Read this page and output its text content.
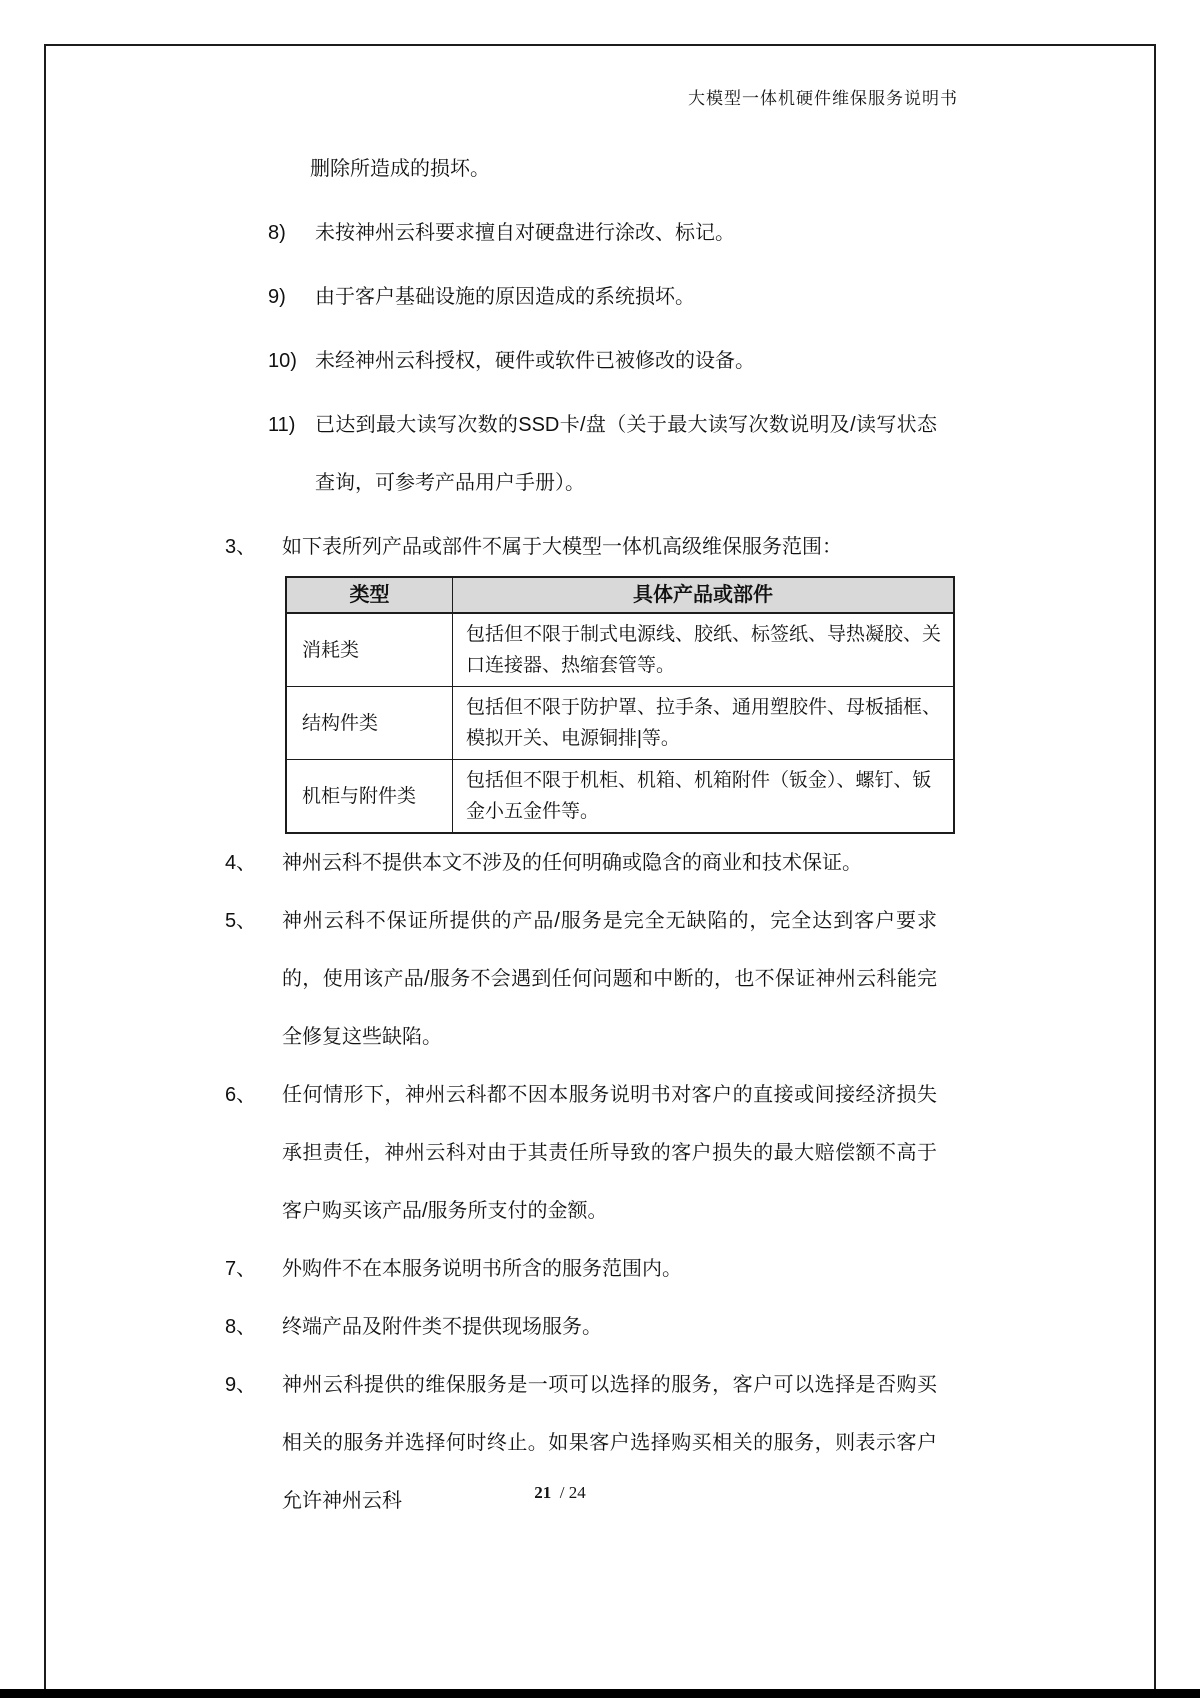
大模型一体机硬件维保服务说明书

删除所造成的损坏。

8)	未按神州云科要求擅自对硬盘进行涂改、标记。
9)	由于客户基础设施的原因造成的系统损坏。
10) 未经神州云科授权，硬件或软件已被修改的设备。
11) 已达到最大读写次数的SSD卡/盘（关于最大读写次数说明及/读写状态查询，可参考产品用户手册）。
3、	如下表所列产品或部件不属于大模型一体机高级维保服务范围：
类型	具体产品或部件
消耗类	包括但不限于制式电源线、胶纸、标签纸、导热凝胶、关口连接器、热缩套管等。
结构件类	包括但不限于防护罩、拉手条、通用塑胶件、母板插框、模拟开关、电源铜排|等。
机柜与附件类	包括但不限于机柜、机箱、机箱附件（钣金）、螺钉、钣金小五金件等。
4、	神州云科不提供本文不涉及的任何明确或隐含的商业和技术保证。
5、	神州云科不保证所提供的产品/服务是完全无缺陷的，完全达到客户要求的，使用该产品/服务不会遇到任何问题和中断的，也不保证神州云科能完全修复这些缺陷。
6、	任何情形下，神州云科都不因本服务说明书对客户的直接或间接经济损失承担责任，神州云科对由于其责任所导致的客户损失的最大赔偿额不高于客户购买该产品/服务所支付的金额。
7、	外购件不在本服务说明书所含的服务范围内。
8、	终端产品及附件类不提供现场服务。
9、	神州云科提供的维保服务是一项可以选择的服务，客户可以选择是否购买相关的服务并选择何时终止。如果客户选择购买相关的服务，则表示客户允许神州云科	21 / 24
